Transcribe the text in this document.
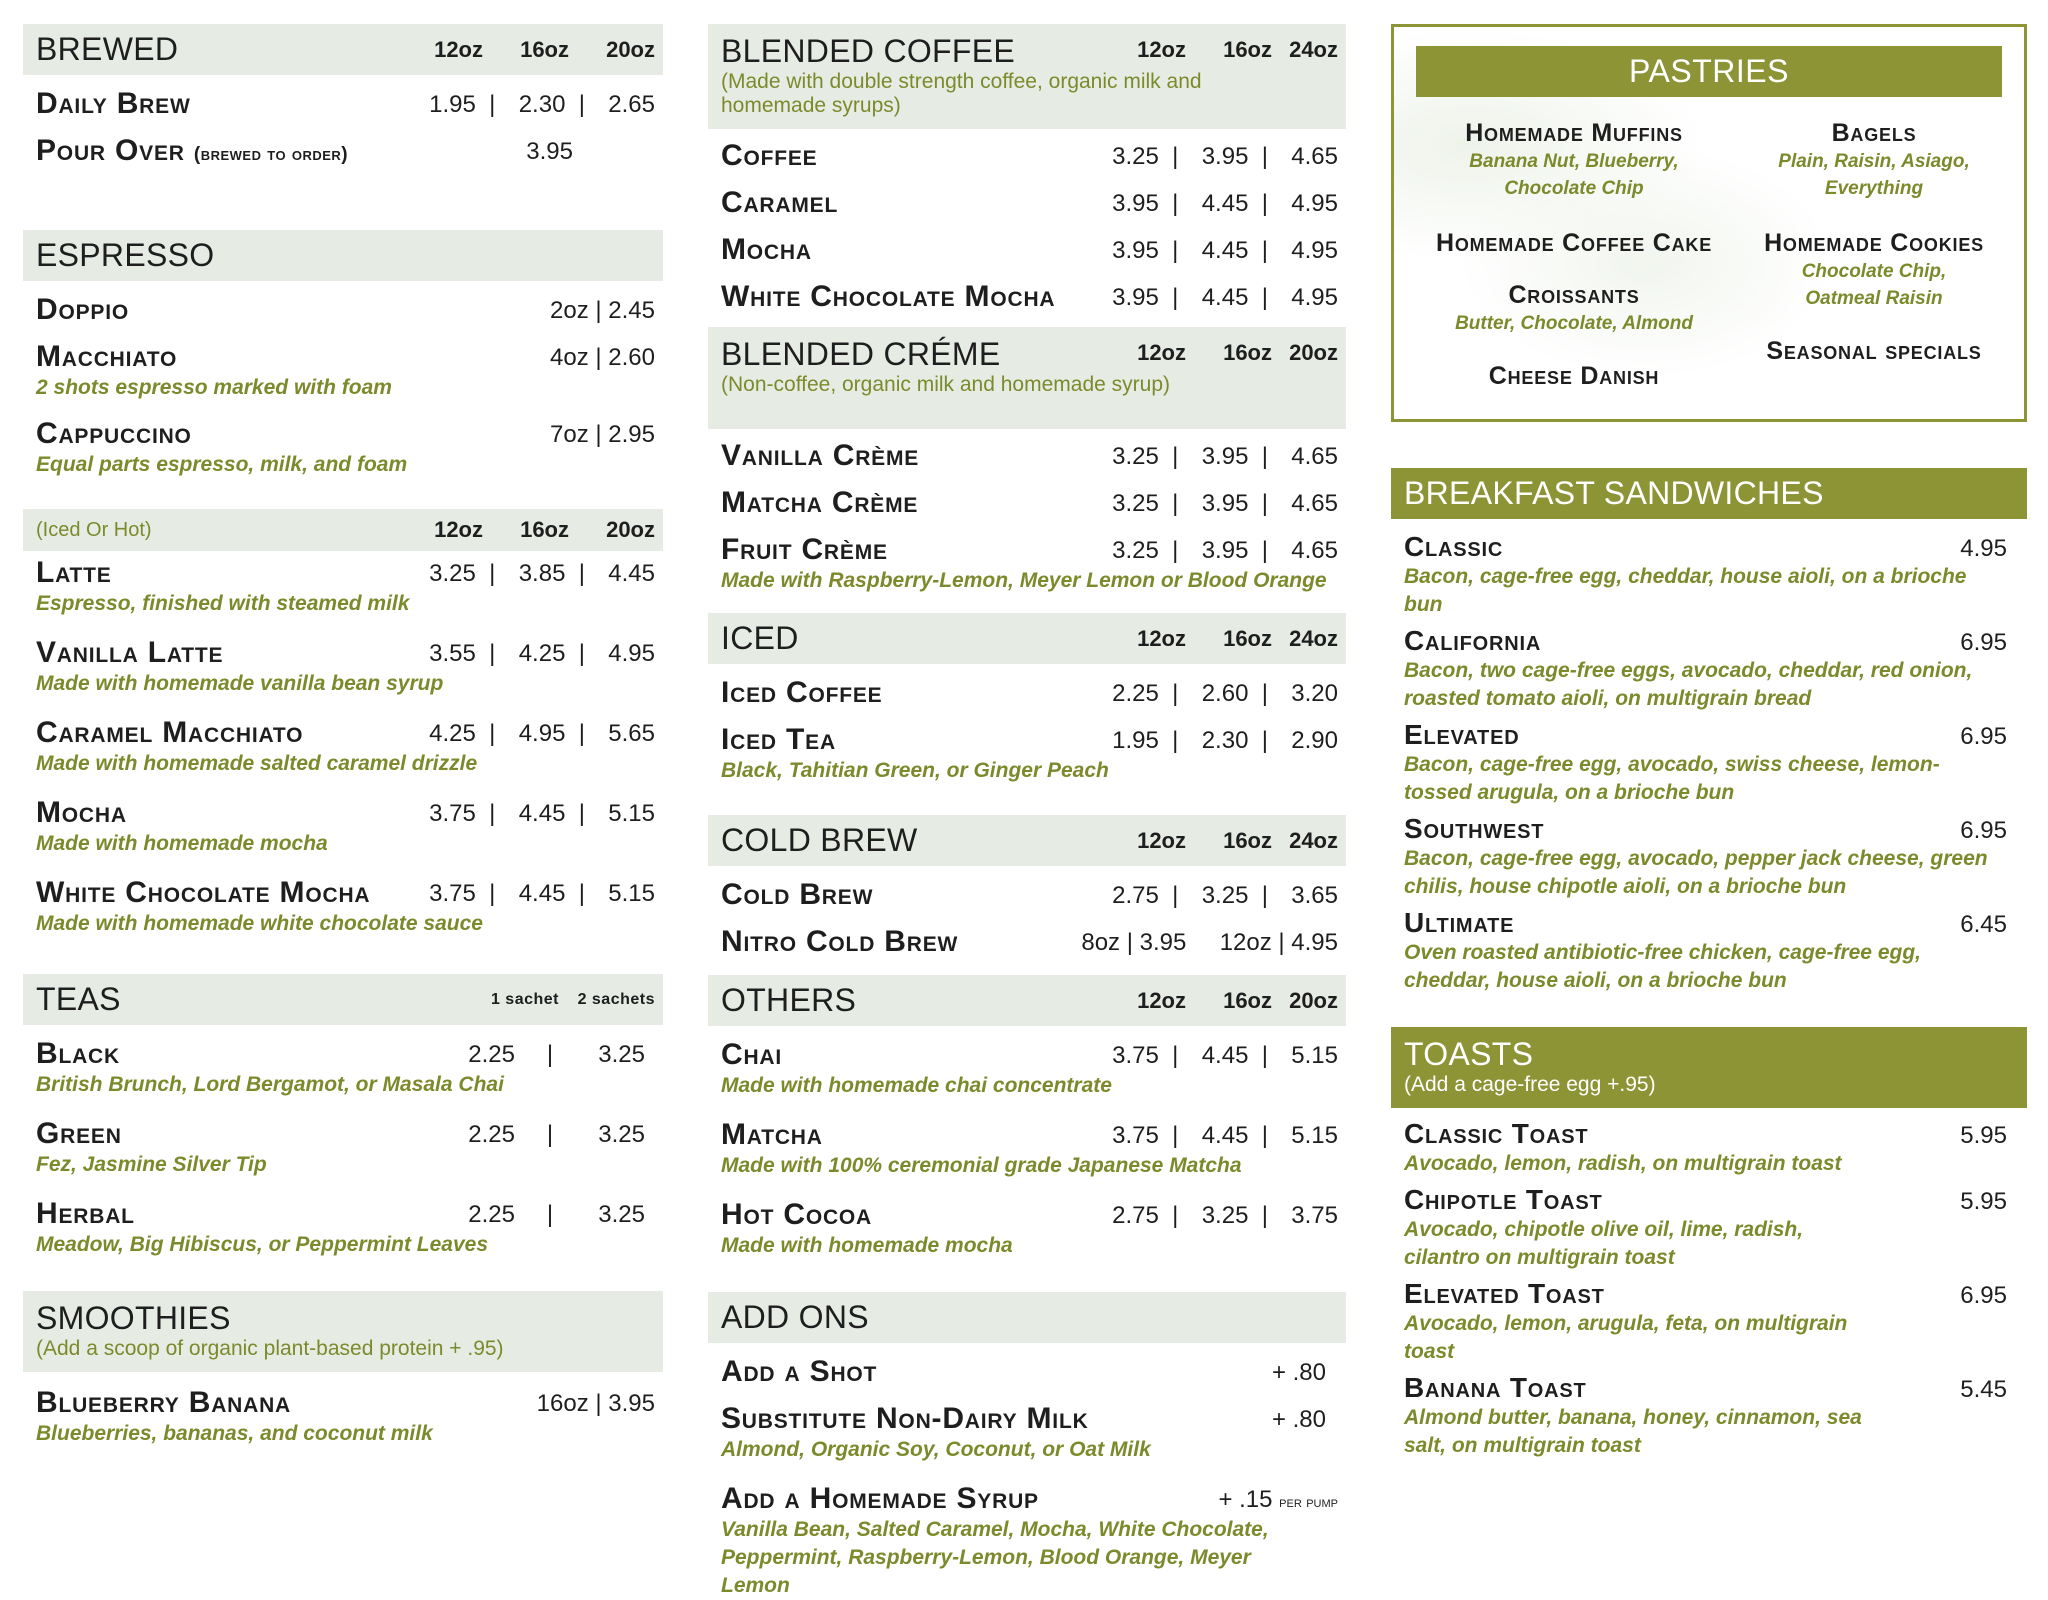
BREWED	12oz	16oz	20oz
Daily Brew	1.95  | 2.30  | 2.65
Pour Over (brewed to order)	3.95
ESPRESSO
Doppio	2oz | 2.45
Macchiato	4oz | 2.60
2 shots espresso marked with foam
Cappuccino	7oz | 2.95
Equal parts espresso, milk, and foam
(Iced Or Hot)	12oz	16oz	20oz
Latte	3.25  | 3.85  | 4.45
Espresso, finished with steamed milk
Vanilla Latte	3.55  | 4.25  | 4.95
Made with homemade vanilla bean syrup
Caramel Macchiato	4.25  | 4.95  | 5.65
Made with homemade salted caramel drizzle
Mocha	3.75  | 4.45  | 5.15
Made with homemade mocha
White Chocolate Mocha	3.75  | 4.45  | 5.15
Made with homemade white chocolate sauce
TEAS	1 sachet	2 sachets
Black	2.25 | 3.25
British Brunch, Lord Bergamot, or Masala Chai
Green	2.25 | 3.25
Fez, Jasmine Silver Tip
Herbal	2.25 | 3.25
Meadow, Big Hibiscus, or Peppermint Leaves
SMOOTHIES
(Add a scoop of organic plant-based protein + .95)
Blueberry Banana	16oz | 3.95
Blueberries, bananas, and coconut milk
BLENDED COFFEE
(Made with double strength coffee, organic milk and homemade syrups)
12oz	16oz 24oz
Coffee	3.25  | 3.95  | 4.65
Caramel	3.95  | 4.45  | 4.95
Mocha	3.95  | 4.45  | 4.95
White Chocolate Mocha	3.95  | 4.45  | 4.95
BLENDED CRÉME
(Non-coffee, organic milk and homemade syrup)
12oz	16oz 20oz
Vanilla Crème	3.25  | 3.95  | 4.65
Matcha Crème	3.25  | 3.95  | 4.65
Fruit Crème	3.25  | 3.95  | 4.65
Made with Raspberry-Lemon, Meyer Lemon or Blood Orange
ICED	12oz	16oz 24oz
Iced Coffee	2.25  | 2.60  | 3.20
Iced Tea	1.95  | 2.30  | 2.90
Black, Tahitian Green, or Ginger Peach
COLD BREW	12oz	16oz 24oz
Cold Brew	2.75  | 3.25  | 3.65
Nitro Cold Brew	8oz | 3.95     12oz | 4.95
OTHERS	12oz	16oz 20oz
Chai	3.75  | 4.45  | 5.15
Made with homemade chai concentrate
Matcha	3.75  | 4.45  | 5.15
Made with 100% ceremonial grade Japanese Matcha
Hot Cocoa	2.75  | 3.25  | 3.75
Made with homemade mocha
ADD ONS
Add a Shot	+ .80
Substitute Non-Dairy Milk	+ .80
Almond, Organic Soy, Coconut, or Oat Milk
Add a Homemade Syrup	+ .15 per pump
Vanilla Bean, Salted Caramel, Mocha, White Chocolate, Peppermint, Raspberry-Lemon, Blood Orange, Meyer Lemon
PASTRIES
Homemade Muffins
Banana Nut, Blueberry, Chocolate Chip
Bagels
Plain, Raisin, Asiago, Everything
Homemade Coffee Cake	Homemade Cookies
Chocolate Chip, Oatmeal Raisin
Croissants
Butter, Chocolate, Almond
Seasonal specials
Cheese Danish
BREAKFAST SANDWICHES
Classic	4.95
Bacon, cage-free egg, cheddar, house aioli, on a brioche bun
California	6.95
Bacon, two cage-free eggs, avocado, cheddar, red onion, roasted tomato aioli, on multigrain bread
Elevated	6.95
Bacon, cage-free egg, avocado, swiss cheese, lemon-tossed arugula, on a brioche bun
Southwest	6.95
Bacon, cage-free egg, avocado, pepper jack cheese, green chilis, house chipotle aioli, on a brioche bun
Ultimate	6.45
Oven roasted antibiotic-free chicken, cage-free egg, cheddar, house aioli, on a brioche bun
TOASTS
(Add a cage-free egg +.95)
Classic Toast	5.95
Avocado, lemon, radish, on multigrain toast
Chipotle Toast	5.95
Avocado, chipotle olive oil, lime, radish, cilantro on multigrain toast
Elevated Toast	6.95
Avocado, lemon, arugula, feta, on multigrain toast
Banana Toast	5.45
Almond butter, banana, honey, cinnamon, sea salt, on multigrain toast
